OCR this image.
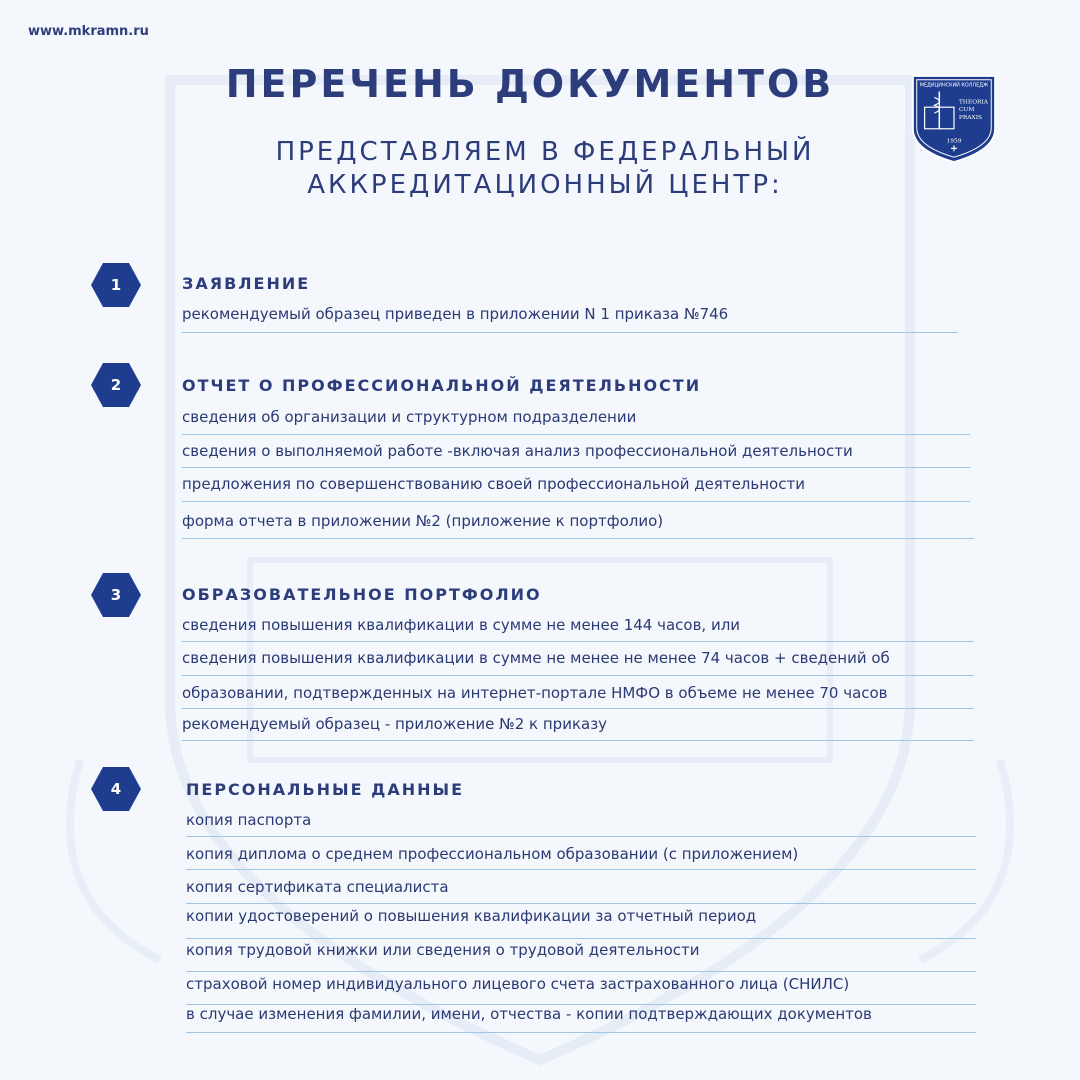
www.mkramn.ru
ПЕРЕЧЕНЬ ДОКУМЕНТОВ
ПРЕДСТАВЛЯЕМ В ФЕДЕРАЛЬНЫЙ
АККРЕДИТАЦИОННЫЙ ЦЕНТР:
МЕДИЦИНСКИЙ КОЛЛЕДЖ
THEORIA
CUM
PRAXIS
1959
1	ЗАЯВЛЕНИЕ
рекомендуемый образец приведен в приложении N 1 приказа №746
2	ОТЧЕТ О ПРОФЕССИОНАЛЬНОЙ ДЕЯТЕЛЬНОСТИ
сведения об организации и структурном подразделении
сведения о выполняемой работе -включая анализ профессиональной деятельности
предложения по совершенствованию своей профессиональной деятельности
форма отчета в приложении №2 (приложение к портфолио)
3	ОБРАЗОВАТЕЛЬНОЕ ПОРТФОЛИО
сведения повышения квалификации в сумме не менее 144 часов, или
сведения повышения квалификации в сумме не менее не менее 74 часов + сведений об
образовании, подтвержденных на интернет-портале НМФО в объеме не менее 70 часов
рекомендуемый образец - приложение №2 к приказу
4	ПЕРСОНАЛЬНЫЕ ДАННЫЕ
копия паспорта
копия диплома о среднем профессиональном образовании (с приложением)
копия сертификата специалиста
копии удостоверений о повышения квалификации за отчетный период
копия трудовой книжки или сведения о трудовой деятельности
страховой номер индивидуального лицевого счета застрахованного лица (СНИЛС)
в случае изменения фамилии, имени, отчества - копии подтверждающих документов
